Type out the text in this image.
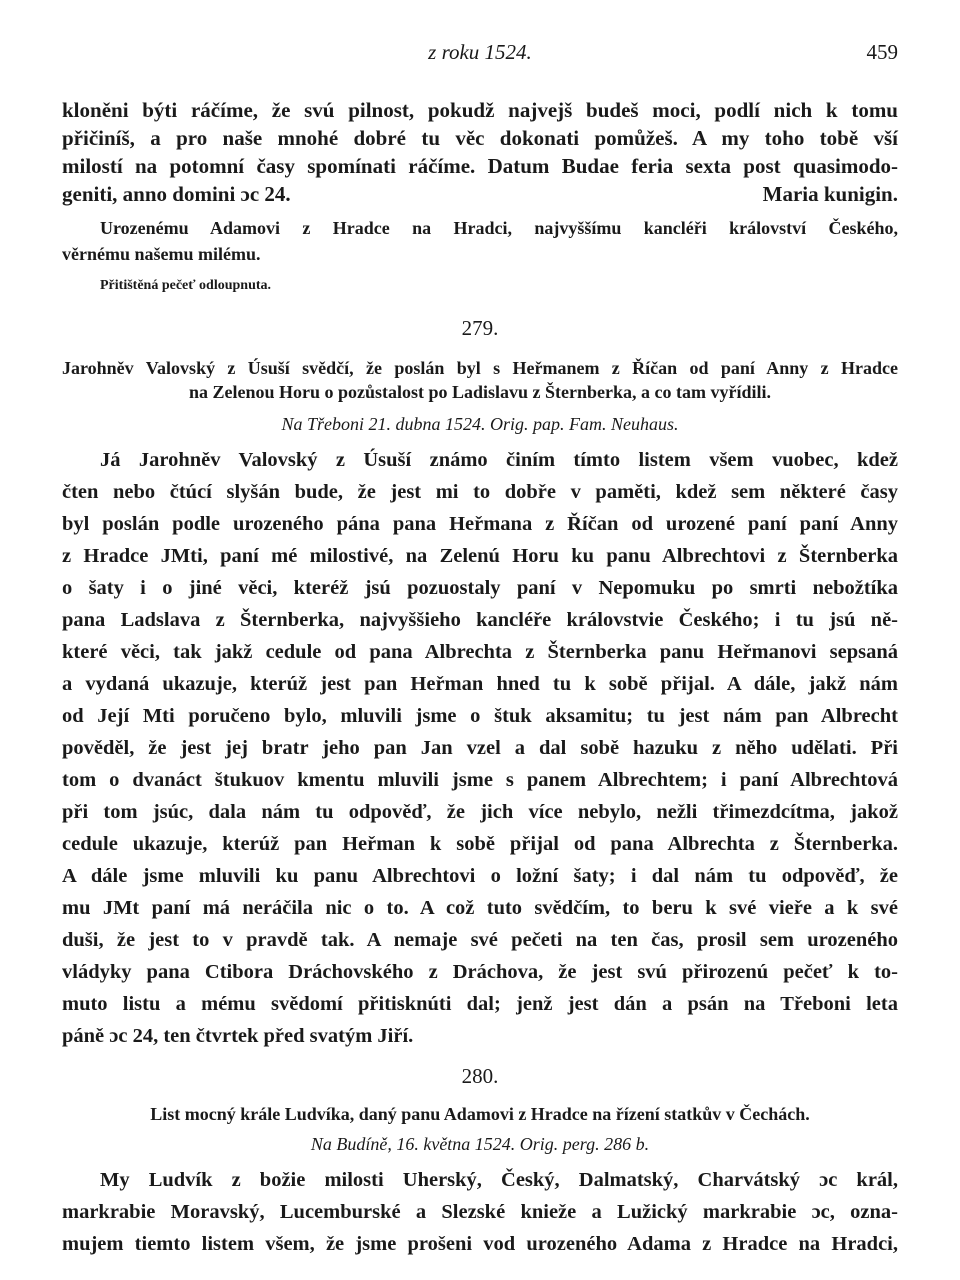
z roku 1524.	459
kloněni býti ráčíme, že svú pilnost, pokudž najvejš budeš moci, podlí nich k tomu
přičiníš, a pro naše mnohé dobré tu věc dokonati pomůžeš. A my toho tobě vší
milostí na potomní časy spomínati ráčíme. Datum Budae feria sexta post quasimodo-
geniti, anno domini ɔc 24.	Maria kunigin.
Urozenému Adamovi z Hradce na Hradci, najvyššímu kancléři království Českého,
věrnému našemu milému.
Přitištěná pečeť odloupnuta.
279.
Jarohněv Valovský z Úsuší svědčí, že poslán byl s Heřmanem z Říčan od paní Anny z Hradce
na Zelenou Horu o pozůstalost po Ladislavu z Šternberka, a co tam vyřídili.
Na Třeboni 21. dubna 1524. Orig. pap. Fam. Neuhaus.
Já Jarohněv Valovský z Úsuší známo činím tímto listem všem vuobec, kdež
čten nebo čtúcí slyšán bude, že jest mi to dobře v paměti, kdež sem některé časy
byl poslán podle urozeného pána pana Heřmana z Říčan od urozené paní paní Anny
z Hradce JMti, paní mé milostivé, na Zelenú Horu ku panu Albrechtovi z Šternberka
o šaty i o jiné věci, kteréž jsú pozuostaly paní v Nepomuku po smrti nebožtíka
pana Ladslava z Šternberka, najvyššieho kancléře královstvie Českého; i tu jsú ně-
které věci, tak jakž cedule od pana Albrechta z Šternberka panu Heřmanovi sepsaná
a vydaná ukazuje, kterúž jest pan Heřman hned tu k sobě přijal. A dále, jakž nám
od Její Mti poručeno bylo, mluvili jsme o štuk aksamitu; tu jest nám pan Albrecht
pověděl, že jest jej bratr jeho pan Jan vzel a dal sobě hazuku z něho udělati. Při
tom o dvanáct štukuov kmentu mluvili jsme s panem Albrechtem; i paní Albrechtová
při tom jsúc, dala nám tu odpověď, že jich více nebylo, nežli třimezdcítma, jakož
cedule ukazuje, kterúž pan Heřman k sobě přijal od pana Albrechta z Šternberka.
A dále jsme mluvili ku panu Albrechtovi o ložní šaty; i dal nám tu odpověď, že
mu JMt paní má neráčila nic o to. A což tuto svědčím, to beru k své vieře a k své
duši, že jest to v pravdě tak. A nemaje své pečeti na ten čas, prosil sem urozeného
vládyky pana Ctibora Dráchovského z Dráchova, že jest svú přirozenú pečeť k to-
muto listu a mému svědomí přitisknúti dal; jenž jest dán a psán na Třeboni leta
páně ɔc 24, ten čtvrtek před svatým Jiří.
280.
List mocný krále Ludvíka, daný panu Adamovi z Hradce na řízení statkův v Čechách.
Na Budíně, 16. května 1524. Orig. perg. 286 b.
My Ludvík z božie milosti Uherský, Český, Dalmatský, Charvátský ɔc král,
markrabie Moravský, Lucemburské a Slezské knieže a Lužický markrabie ɔc, ozna-
mujem tiemto listem všem, že jsme prošeni vod urozeného Adama z Hradce na Hradci,
